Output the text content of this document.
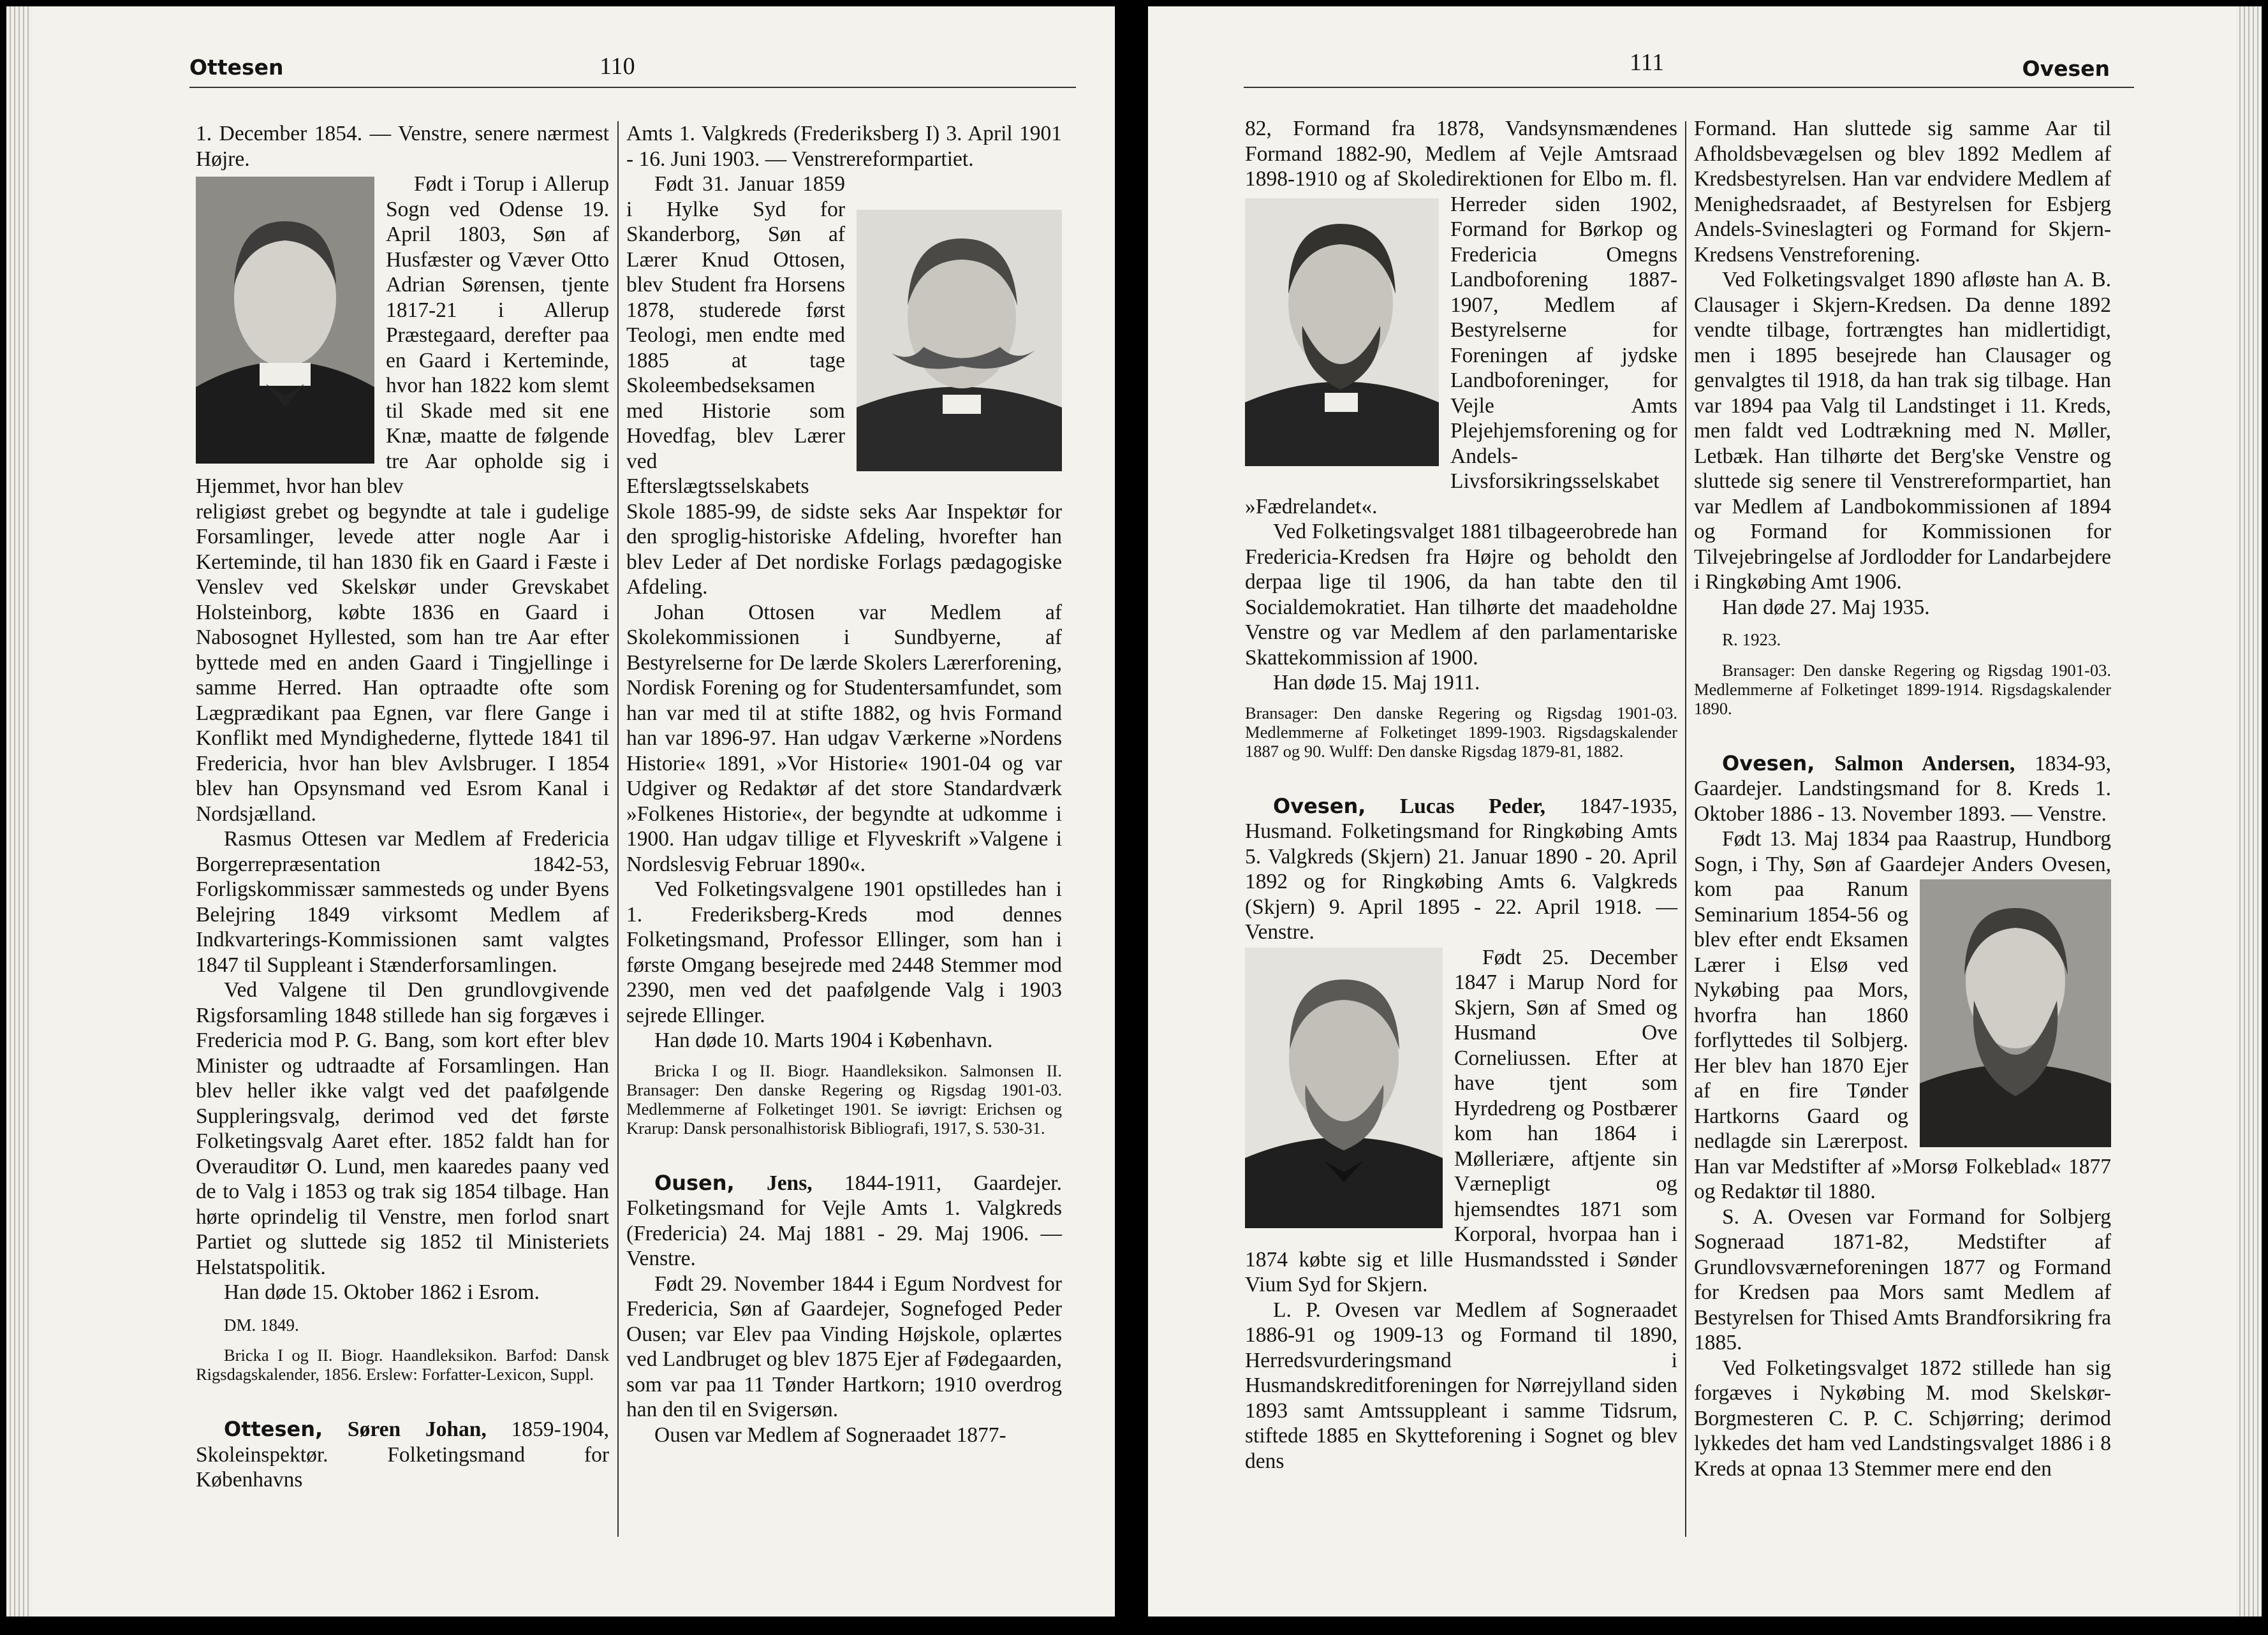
Ottesen	110

1. December 1854. — Venstre, senere nærmest Højre.

Født i Torup i Allerup Sogn ved Odense 19. April 1803, Søn af Husfæster og Væver Otto Adrian Sørensen, tjente 1817-21 i Allerup Præstegaard, derefter paa en Gaard i Kerteminde, hvor han 1822 kom slemt til Skade med sit ene Knæ, maatte de følgende tre Aar opholde sig i Hjemmet, hvor han blev

religiøst grebet og begyndte at tale i gudelige Forsamlinger, levede atter nogle Aar i Kerteminde, til han 1830 fik en Gaard i Fæste i Venslev ved Skelskør under Grevskabet Holsteinborg, købte 1836 en Gaard i Nabosognet Hyllested, som han tre Aar efter byttede med en anden Gaard i Tingjellinge i samme Herred. Han optraadte ofte som Lægprædikant paa Egnen, var flere Gange i Konflikt med Myndighederne, flyttede 1841 til Fredericia, hvor han blev Avlsbruger. I 1854 blev han Opsynsmand ved Esrom Kanal i Nordsjælland.

Rasmus Ottesen var Medlem af Fredericia Borgerrepræsentation 1842-53, Forligskommissær sammesteds og under Byens Belejring 1849 virksomt Medlem af Indkvarterings-Kommissionen samt valgtes 1847 til Suppleant i Stænderforsamlingen.

Ved Valgene til Den grundlovgivende Rigsforsamling 1848 stillede han sig forgæves i Fredericia mod P. G. Bang, som kort efter blev Minister og udtraadte af Forsamlingen. Han blev heller ikke valgt ved det paafølgende Suppleringsvalg, derimod ved det første Folketingsvalg Aaret efter. 1852 faldt han for Overauditør O. Lund, men kaaredes paany ved de to Valg i 1853 og trak sig 1854 tilbage. Han hørte oprindelig til Venstre, men forlod snart Partiet og sluttede sig 1852 til Ministeriets Helstatspolitik.

Han døde 15. Oktober 1862 i Esrom.

DM. 1849.

Bricka I og II. Biogr. Haandleksikon. Barfod: Dansk Rigsdagskalender, 1856. Erslew: Forfatter-Lexicon, Suppl.

Ottesen, Søren Johan, 1859-1904, Skoleinspektør. Folketingsmand for Københavns

Amts 1. Valgkreds (Frederiksberg I) 3. April 1901 - 16. Juni 1903. — Venstrereformpartiet.

Født 31. Januar 1859 i Hylke Syd for Skanderborg, Søn af Lærer Knud Ottosen, blev Student fra Horsens 1878, studerede først Teologi, men endte med 1885 at tage Skoleembedseksamen med Historie som Hovedfag, blev Lærer ved Efterslægtsselskabets Skole 1885-99, de sidste seks Aar Inspektør for den sproglig-historiske Afdeling, hvorefter han blev Leder af Det nordiske Forlags pædagogiske Afdeling.

Johan Ottosen var Medlem af Skolekommissionen i Sundbyerne, af Bestyrelserne for De lærde Skolers Lærerforening, Nordisk Forening og for Studentersamfundet, som han var med til at stifte 1882, og hvis Formand han var 1896-97. Han udgav Værkerne »Nordens Historie« 1891, »Vor Historie« 1901-04 og var Udgiver og Redaktør af det store Standardværk »Folkenes Historie«, der begyndte at udkomme i 1900. Han udgav tillige et Flyveskrift »Valgene i Nordslesvig Februar 1890«.

Ved Folketingsvalgene 1901 opstilledes han i 1. Frederiksberg-Kreds mod dennes Folketingsmand, Professor Ellinger, som han i første Omgang besejrede med 2448 Stemmer mod 2390, men ved det paafølgende Valg i 1903 sejrede Ellinger.

Han døde 10. Marts 1904 i København.

Bricka I og II. Biogr. Haandleksikon. Salmonsen II. Bransager: Den danske Regering og Rigsdag 1901-03. Medlemmerne af Folketinget 1901. Se iøvrigt: Erichsen og Krarup: Dansk personalhistorisk Bibliografi, 1917, S. 530-31.

Ousen, Jens, 1844-1911, Gaardejer. Folketingsmand for Vejle Amts 1. Valgkreds (Fredericia) 24. Maj 1881 - 29. Maj 1906. — Venstre.

Født 29. November 1844 i Egum Nordvest for Fredericia, Søn af Gaardejer, Sognefoged Peder Ousen; var Elev paa Vinding Højskole, oplærtes ved Landbruget og blev 1875 Ejer af Fødegaarden, som var paa 11 Tønder Hartkorn; 1910 overdrog han den til en Svigersøn.

Ousen var Medlem af Sogneraadet 1877-

111	Ovesen

82, Formand fra 1878, Vandsynsmændenes Formand 1882-90, Medlem af Vejle Amtsraad 1898-1910 og af Skoledirektionen for Elbo m. fl. Herreder siden 1902, Formand for Børkop og Fredericia Omegns Landboforening 1887-1907, Medlem af Bestyrelserne for Foreningen af jydske Landboforeninger, for Vejle Amts Plejehjemsforening og for Andels-Livsforsikringsselskabet »Fædrelandet«.

Ved Folketingsvalget 1881 tilbageerobrede han Fredericia-Kredsen fra Højre og beholdt den derpaa lige til 1906, da han tabte den til Socialdemokratiet. Han tilhørte det maadeholdne Venstre og var Medlem af den parlamentariske Skattekommission af 1900.

Han døde 15. Maj 1911.

Bransager: Den danske Regering og Rigsdag 1901-03. Medlemmerne af Folketinget 1899-1903. Rigsdagskalender 1887 og 90. Wulff: Den danske Rigsdag 1879-81, 1882.

Ovesen, Lucas Peder, 1847-1935, Husmand. Folketingsmand for Ringkøbing Amts 5. Valgkreds (Skjern) 21. Januar 1890 - 20. April 1892 og for Ringkøbing Amts 6. Valgkreds (Skjern) 9. April 1895 - 22. April 1918. — Venstre.

Født 25. December 1847 i Marup Nord for Skjern, Søn af Smed og Husmand Ove Corneliussen. Efter at have tjent som Hyrdedreng og Postbærer kom han 1864 i Mølleriære, aftjente sin Værnepligt og hjemsendtes 1871 som Korporal, hvorpaa han i 1874 købte sig et lille Husmandssted i Sønder Vium Syd for Skjern.

L. P. Ovesen var Medlem af Sogneraadet 1886-91 og 1909-13 og Formand til 1890, Herredsvurderingsmand i Husmandskreditforeningen for Nørrejylland siden 1893 samt Amtssuppleant i samme Tidsrum, stiftede 1885 en Skytteforening i Sognet og blev dens

Formand. Han sluttede sig samme Aar til Afholdsbevægelsen og blev 1892 Medlem af Kredsbestyrelsen. Han var endvidere Medlem af Menighedsraadet, af Bestyrelsen for Esbjerg Andels-Svineslagteri og Formand for Skjern-Kredsens Venstreforening.

Ved Folketingsvalget 1890 afløste han A. B. Clausager i Skjern-Kredsen. Da denne 1892 vendte tilbage, fortrængtes han midlertidigt, men i 1895 besejrede han Clausager og genvalgtes til 1918, da han trak sig tilbage. Han var 1894 paa Valg til Landstinget i 11. Kreds, men faldt ved Lodtrækning med N. Møller, Letbæk. Han tilhørte det Berg'ske Venstre og sluttede sig senere til Venstrereformpartiet, han var Medlem af Landbokommissionen af 1894 og Formand for Kommissionen for Tilvejebringelse af Jordlodder for Landarbejdere i Ringkøbing Amt 1906.

Han døde 27. Maj 1935.

R. 1923.

Bransager: Den danske Regering og Rigsdag 1901-03. Medlemmerne af Folketinget 1899-1914. Rigsdagskalender 1890.

Ovesen, Salmon Andersen, 1834-93, Gaardejer. Landstingsmand for 8. Kreds 1. Oktober 1886 - 13. November 1893. — Venstre.

Født 13. Maj 1834 paa Raastrup, Hundborg Sogn, i Thy, Søn af Gaardejer Anders Ovesen, kom paa Ranum
Seminarium 1854-56 og blev efter endt Eksamen Lærer i Elsø ved Nykøbing paa Mors, hvorfra han 1860 forflyttedes til Solbjerg. Her blev han 1870 Ejer af en fire Tønder Hartkorns Gaard og nedlagde sin Lærerpost. Han var Medstifter af »Morsø Folkeblad« 1877 og Redaktør til 1880.

S. A. Ovesen var Formand for Solbjerg Sogneraad 1871-82, Medstifter af Grundlovsværneforeningen 1877 og Formand for Kredsen paa Mors samt Medlem af Bestyrelsen for Thised Amts Brandforsikring fra 1885.

Ved Folketingsvalget 1872 stillede han sig forgæves i Nykøbing M. mod Skelskør-Borgmesteren C. P. C. Schjørring; derimod lykkedes det ham ved Landstingsvalget 1886 i 8 Kreds at opnaa 13 Stemmer mere end den
